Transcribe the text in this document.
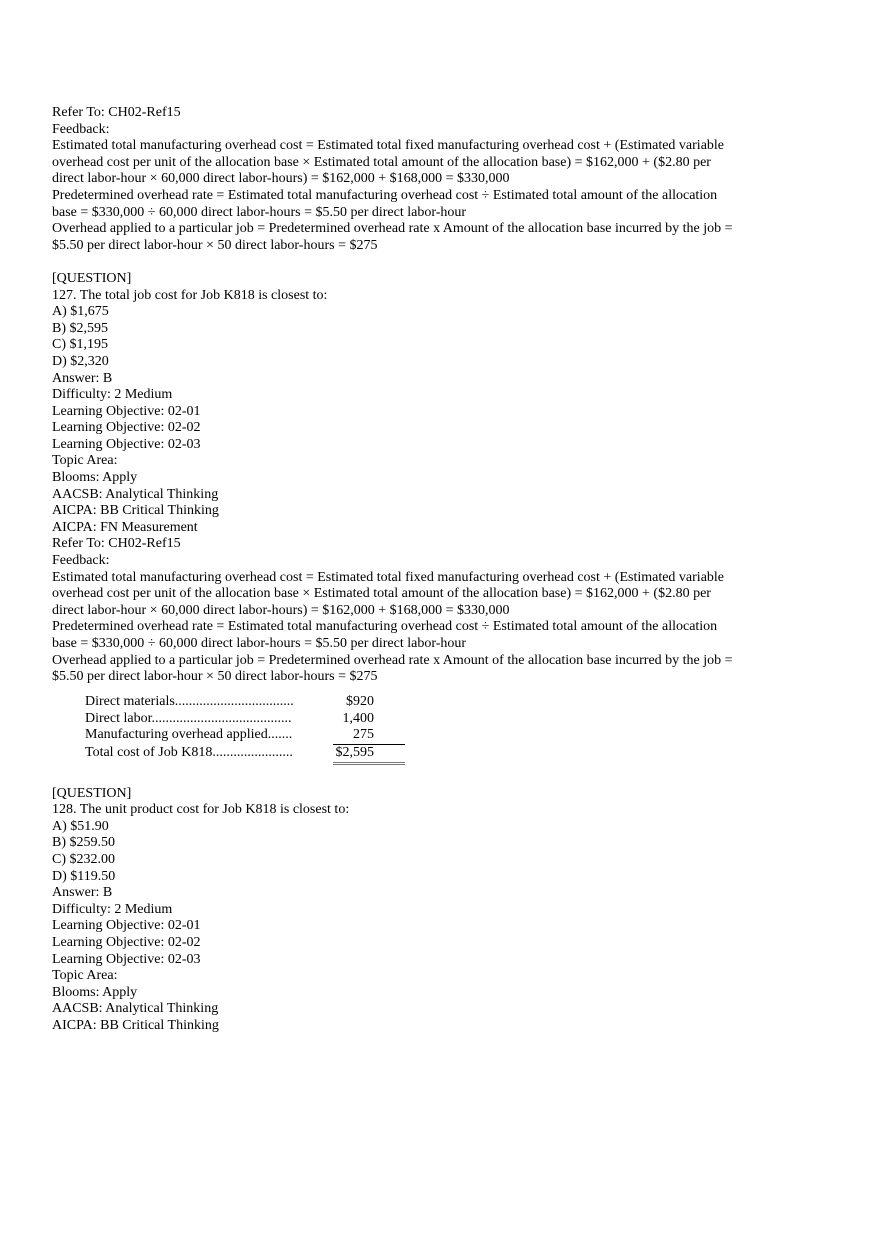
Refer To: CH02-Ref15
Feedback:
Estimated total manufacturing overhead cost = Estimated total fixed manufacturing overhead cost + (Estimated variable
overhead cost per unit of the allocation base × Estimated total amount of the allocation base) = $162,000 + ($2.80 per
direct labor-hour × 60,000 direct labor-hours) = $162,000 + $168,000 = $330,000
Predetermined overhead rate = Estimated total manufacturing overhead cost ÷ Estimated total amount of the allocation
base = $330,000 ÷ 60,000 direct labor-hours = $5.50 per direct labor-hour
Overhead applied to a particular job = Predetermined overhead rate x Amount of the allocation base incurred by the job =
$5.50 per direct labor-hour × 50 direct labor-hours = $275
[QUESTION]
127. The total job cost for Job K818 is closest to:
A) $1,675
B) $2,595
C) $1,195
D) $2,320
Answer: B
Difficulty: 2 Medium
Learning Objective: 02-01
Learning Objective: 02-02
Learning Objective: 02-03
Topic Area:
Blooms: Apply
AACSB: Analytical Thinking
AICPA: BB Critical Thinking
AICPA: FN Measurement
Refer To: CH02-Ref15
Feedback:
Estimated total manufacturing overhead cost = Estimated total fixed manufacturing overhead cost + (Estimated variable
overhead cost per unit of the allocation base × Estimated total amount of the allocation base) = $162,000 + ($2.80 per
direct labor-hour × 60,000 direct labor-hours) = $162,000 + $168,000 = $330,000
Predetermined overhead rate = Estimated total manufacturing overhead cost ÷ Estimated total amount of the allocation
base = $330,000 ÷ 60,000 direct labor-hours = $5.50 per direct labor-hour
Overhead applied to a particular job = Predetermined overhead rate x Amount of the allocation base incurred by the job =
$5.50 per direct labor-hour × 50 direct labor-hours = $275
Direct materials..................................	$920
Direct labor........................................	1,400
Manufacturing overhead applied.......	275
Total cost of Job K818.......................	$2,595
[QUESTION]
128. The unit product cost for Job K818 is closest to:
A) $51.90
B) $259.50
C) $232.00
D) $119.50
Answer: B
Difficulty: 2 Medium
Learning Objective: 02-01
Learning Objective: 02-02
Learning Objective: 02-03
Topic Area:
Blooms: Apply
AACSB: Analytical Thinking
AICPA: BB Critical Thinking
